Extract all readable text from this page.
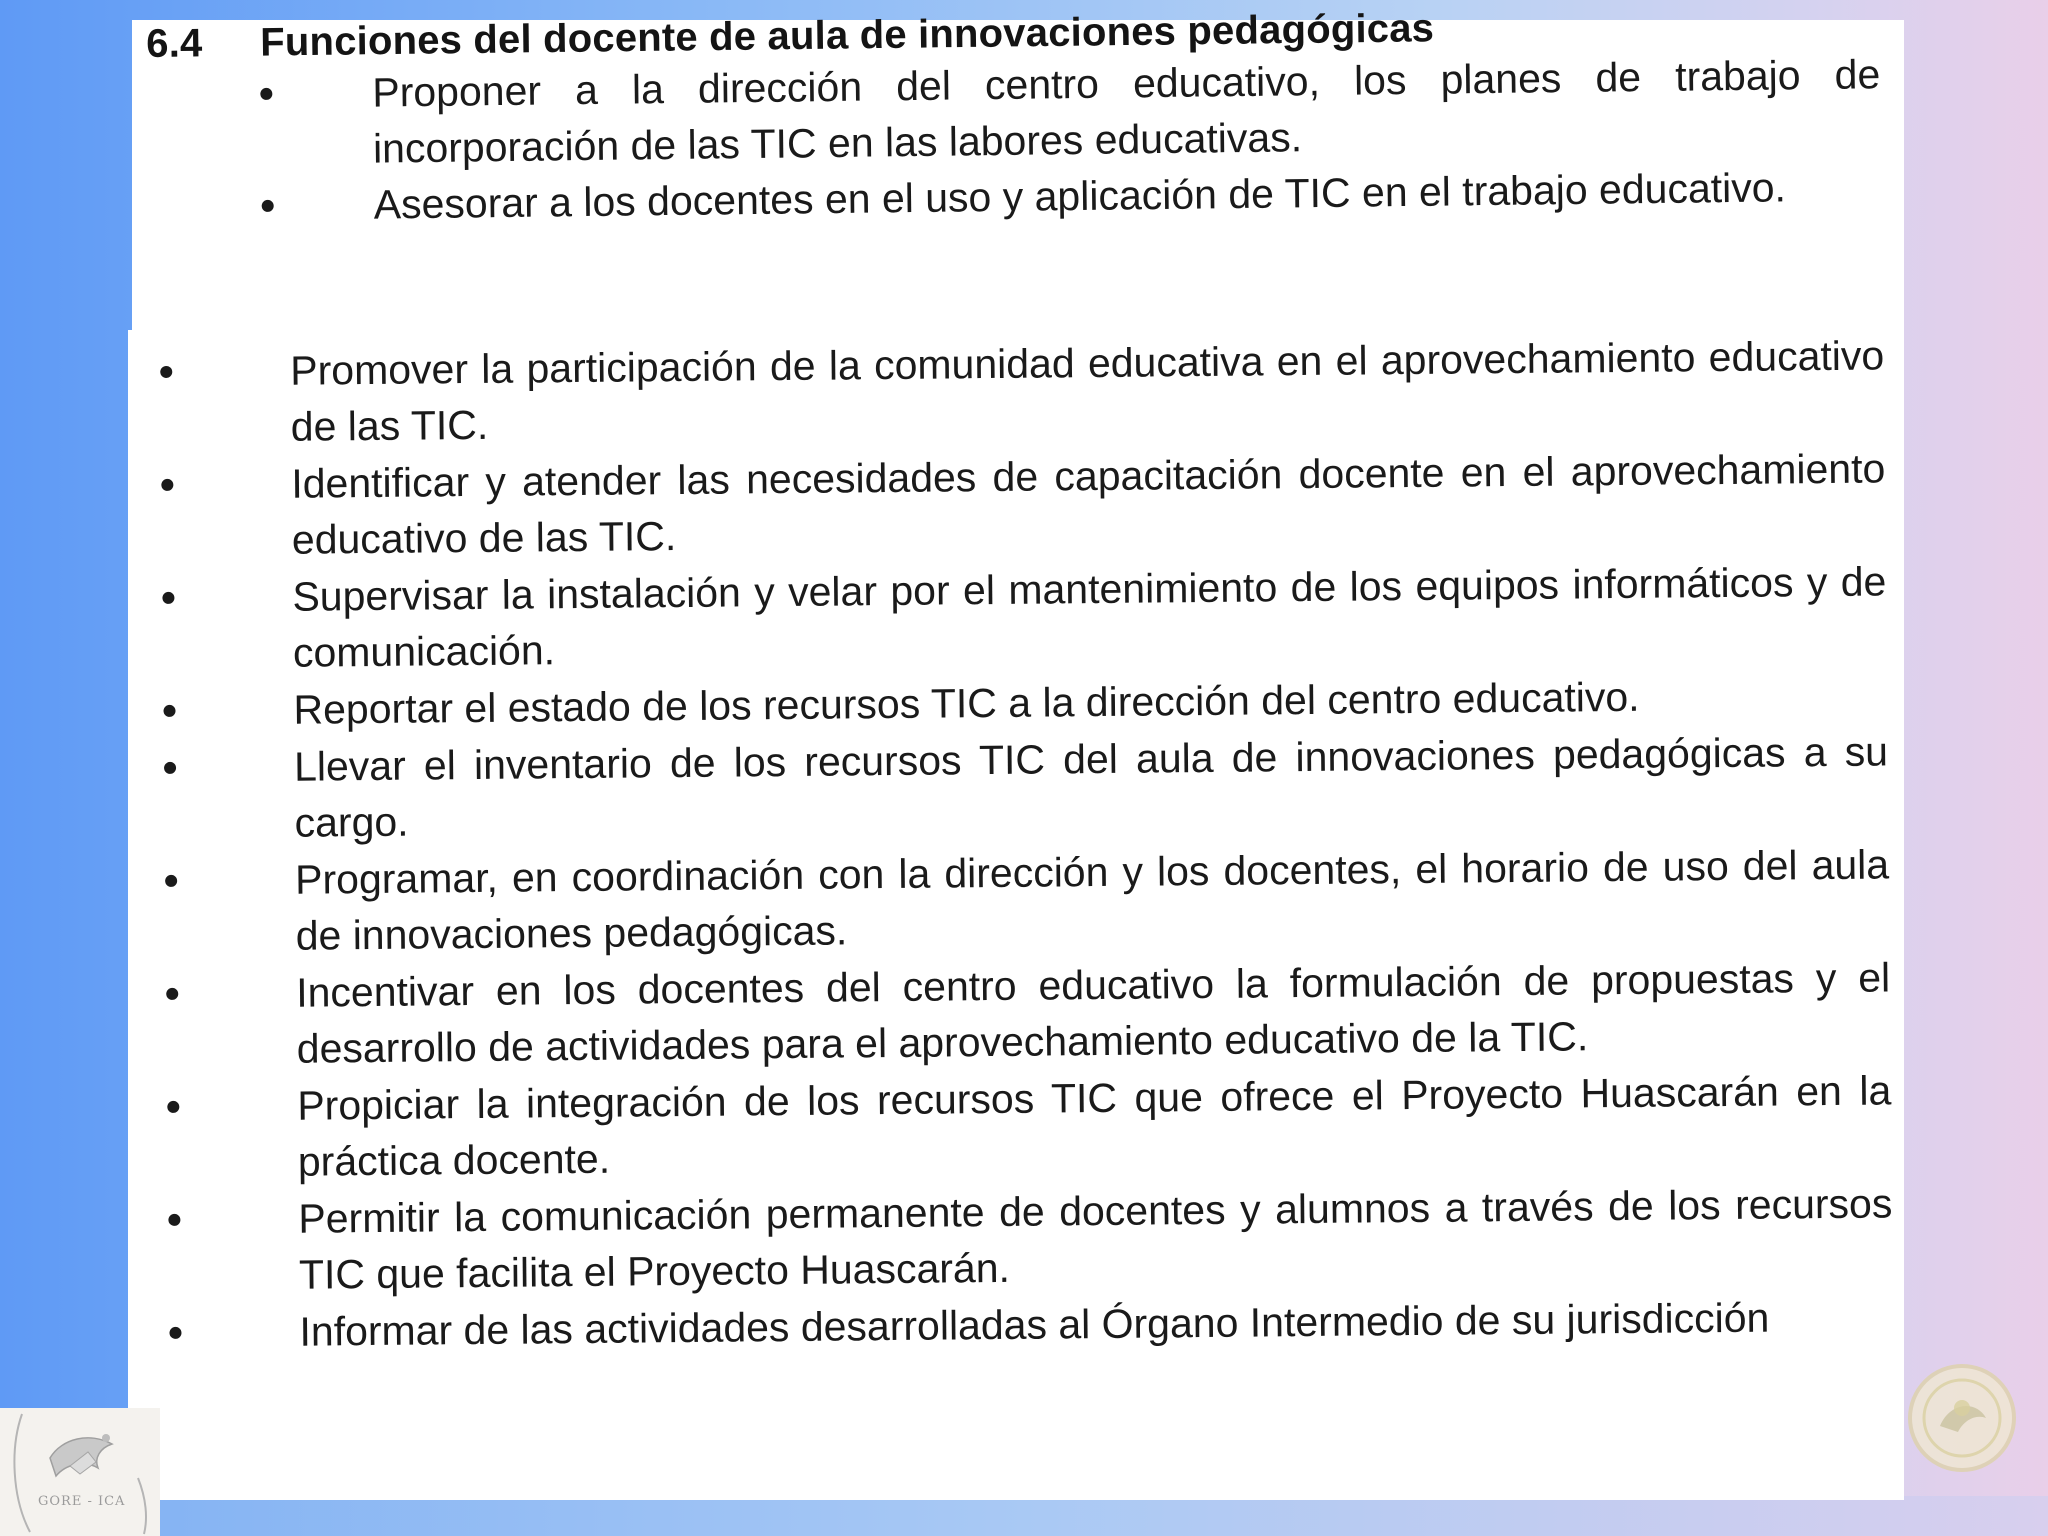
6.4 Funciones del docente de aula de innovaciones pedagógicas
Proponer a la dirección del centro educativo, los planes de trabajo de incorporación de las TIC en las labores educativas.
Asesorar a los docentes en el uso y aplicación de TIC en el trabajo educativo.
Promover la participación de la comunidad educativa en el aprovechamiento educativo de las TIC.
Identificar y atender las necesidades de capacitación docente en el aprovechamiento educativo de las TIC.
Supervisar la instalación y velar por el mantenimiento de los equipos informáticos y de comunicación.
Reportar el estado de los recursos TIC a la dirección del centro educativo.
Llevar el inventario de los recursos TIC del aula de innovaciones pedagógicas a su cargo.
Programar, en coordinación con la dirección y los docentes, el horario de uso del aula de innovaciones pedagógicas.
Incentivar en los docentes del centro educativo la formulación de propuestas y el desarrollo de actividades para el aprovechamiento educativo de la TIC.
Propiciar la integración de los recursos TIC que ofrece el Proyecto Huascarán en la práctica docente.
Permitir la comunicación permanente de docentes y alumnos a través de los recursos TIC que facilita el Proyecto Huascarán.
Informar de las actividades desarrolladas al Órgano Intermedio de su jurisdicción
GORE - ICA
